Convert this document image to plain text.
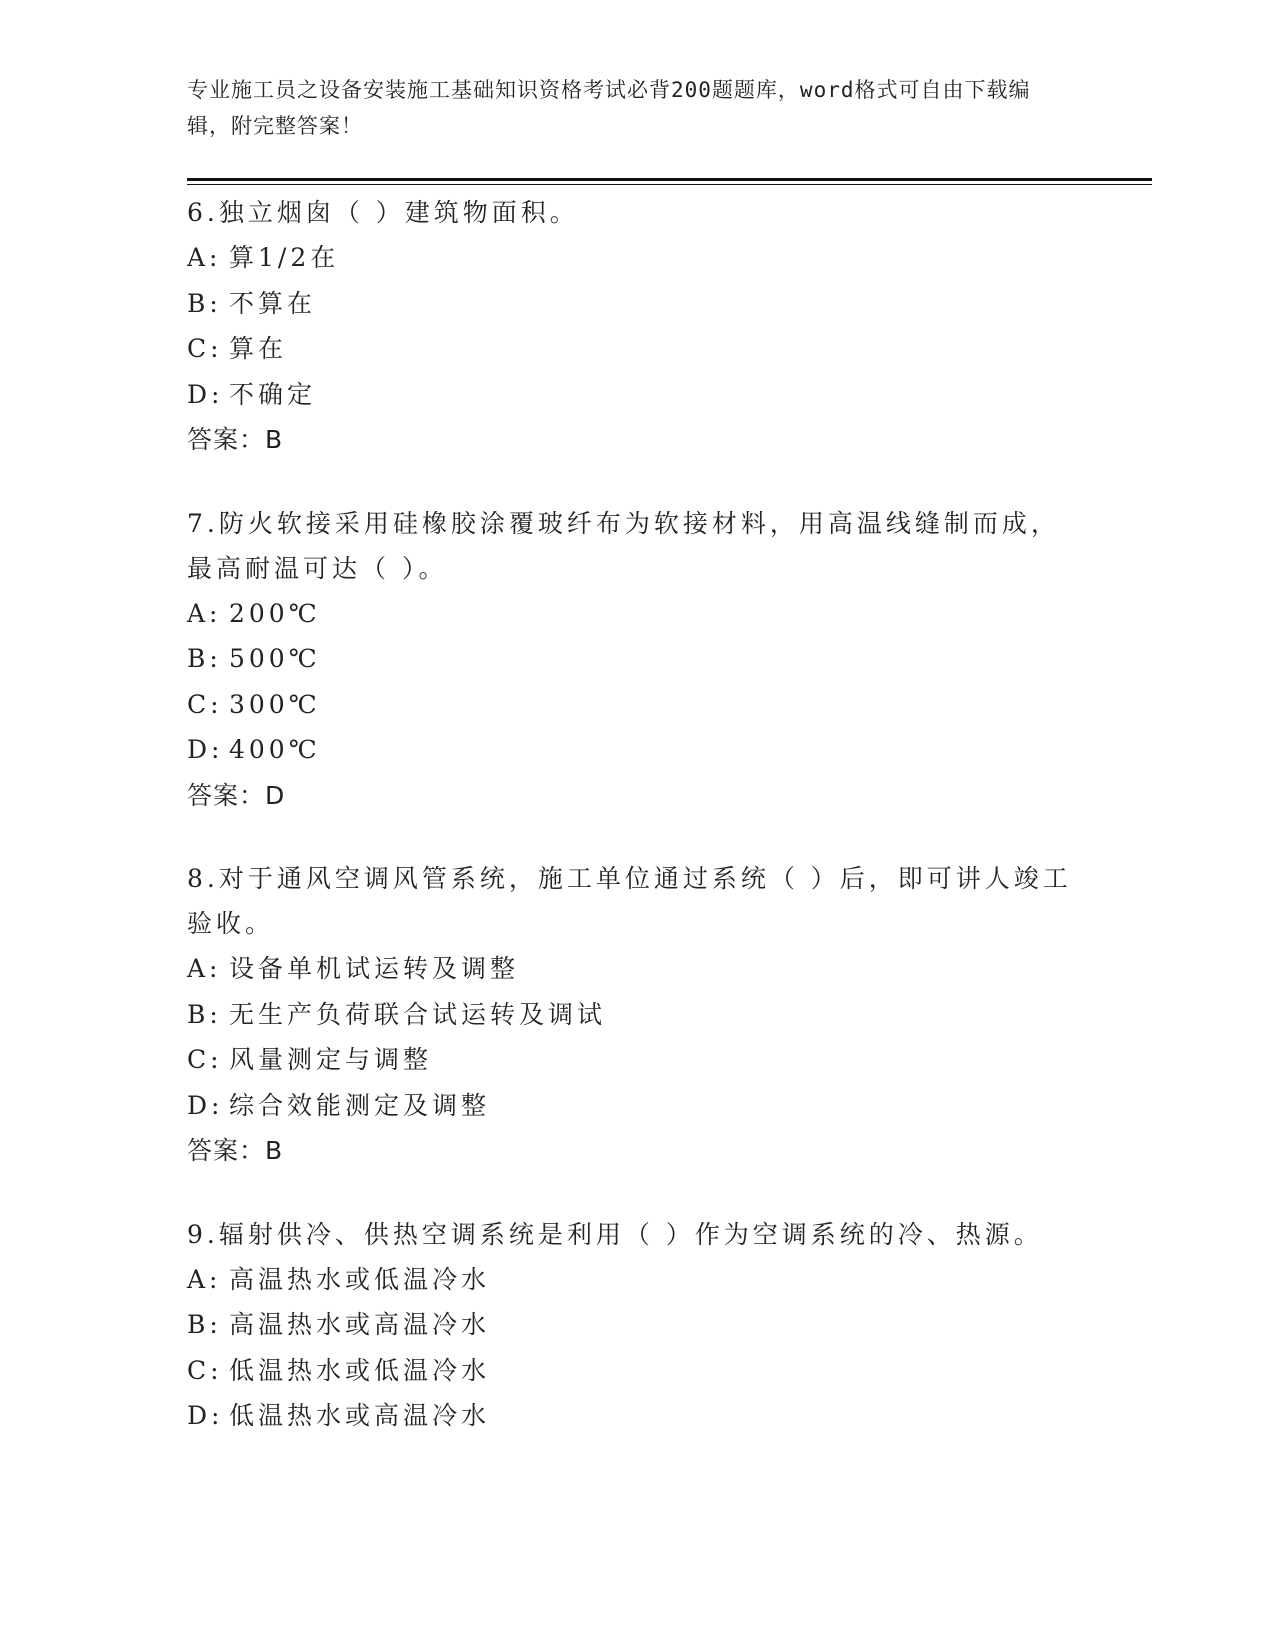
专业施工员之设备安装施工基础知识资格考试必背200题题库，word格式可自由下载编辑，附完整答案！
6.独立烟囱（ ）建筑物面积。
A: 算1/2在
B: 不算在
C: 算在
D: 不确定
答案：B
7.防火软接采用硅橡胶涂覆玻纤布为软接材料，用高温线缝制而成，最高耐温可达（ ）。
A: 200℃
B: 500℃
C: 300℃
D: 400℃
答案：D
8.对于通风空调风管系统，施工单位通过系统（ ）后，即可讲人竣工验收。
A: 设备单机试运转及调整
B: 无生产负荷联合试运转及调试
C: 风量测定与调整
D: 综合效能测定及调整
答案：B
9.辐射供冷、供热空调系统是利用（ ）作为空调系统的冷、热源。
A: 高温热水或低温冷水
B: 高温热水或高温冷水
C: 低温热水或低温冷水
D: 低温热水或高温冷水
